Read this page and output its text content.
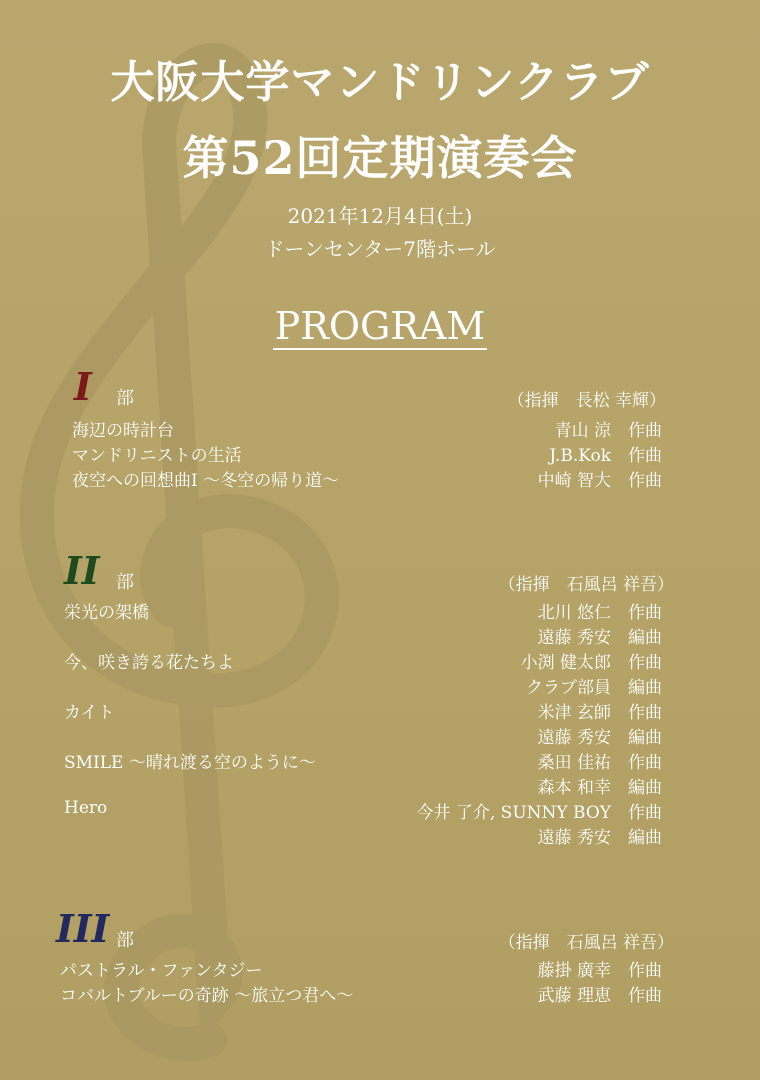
大阪大学マンドリンクラブ
第52回定期演奏会
2021年12月4日(土)
ドーンセンター7階ホール
PROGRAM
I 部	（指揮　長松 幸輝）
海辺の時計台	青山 涼　作曲
マンドリニストの生活	J.B.Kok　作曲
夜空への回想曲I 〜冬空の帰り道〜	中崎 智大　作曲
II 部	（指揮　石風呂 祥吾）
栄光の架橋	北川 悠仁　作曲
遠藤 秀安　編曲
今、咲き誇る花たちよ	小渕 健太郎　作曲
クラブ部員　編曲
カイト	米津 玄師　作曲
遠藤 秀安　編曲
SMILE 〜晴れ渡る空のように〜	桑田 佳祐　作曲
森本 和幸　編曲
Hero	今井 了介, SUNNY BOY　作曲
遠藤 秀安　編曲
III 部	（指揮　石風呂 祥吾）
パストラル・ファンタジー	藤掛 廣幸　作曲
コバルトブルーの奇跡 〜旅立つ君へ〜	武藤 理恵　作曲
